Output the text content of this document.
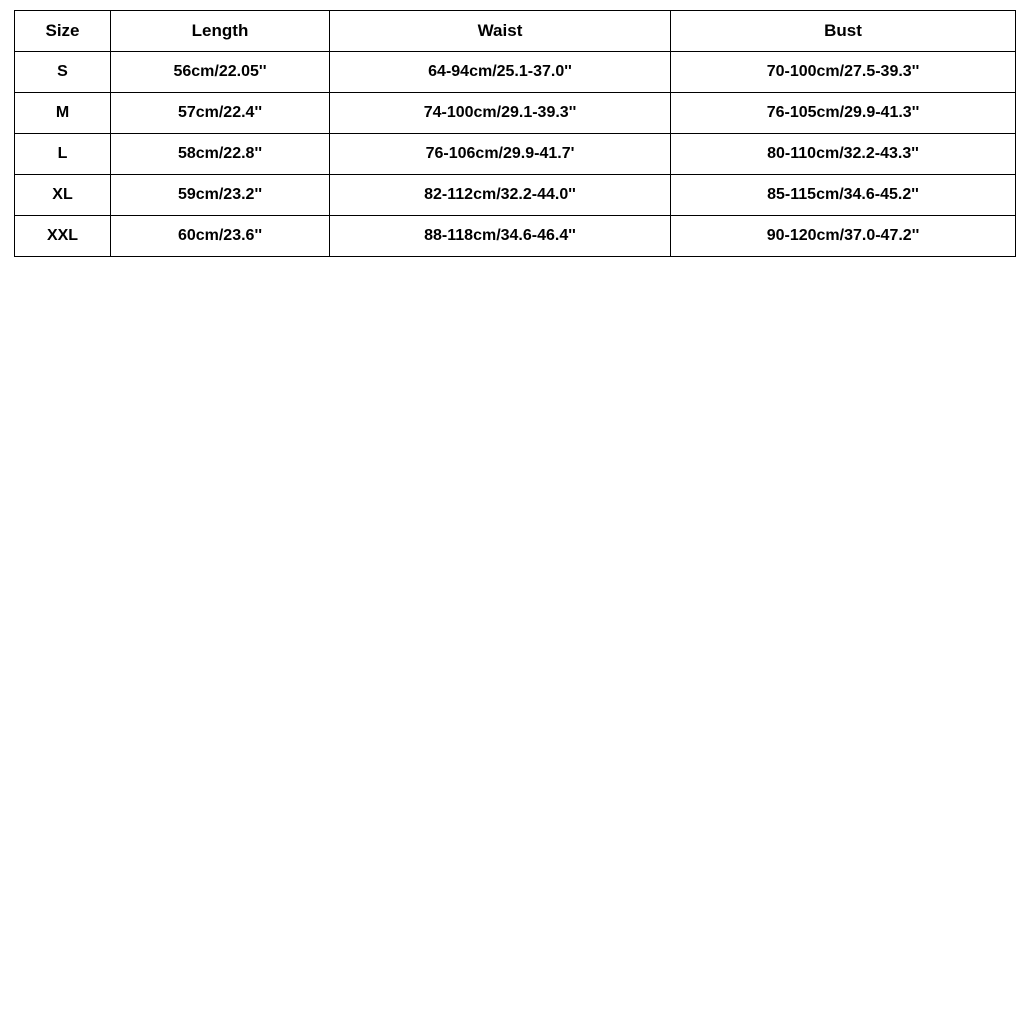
Size	Length	Waist	Bust
S	56cm/22.05''	64-94cm/25.1-37.0''	70-100cm/27.5-39.3''
M	57cm/22.4''	74-100cm/29.1-39.3''	76-105cm/29.9-41.3''
L	58cm/22.8''	76-106cm/29.9-41.7'	80-110cm/32.2-43.3''
XL	59cm/23.2''	82-112cm/32.2-44.0''	85-115cm/34.6-45.2''
XXL	60cm/23.6''	88-118cm/34.6-46.4''	90-120cm/37.0-47.2''
